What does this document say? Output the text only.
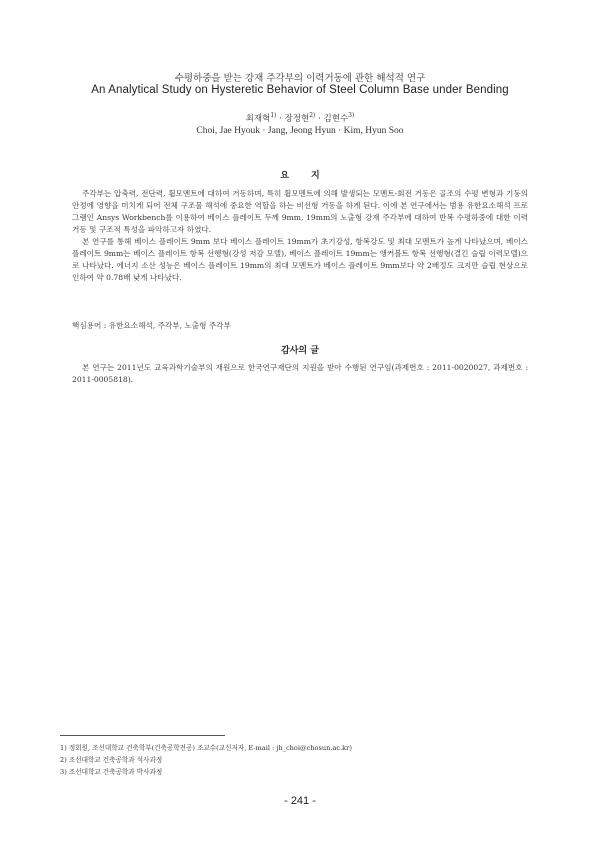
수평하중을 받는 강재 주각부의 이력거동에 관한 해석적 연구
An Analytical Study on Hysteretic Behavior of Steel Column Base under Bending
최재혁$^{1)}$ · 장정현$^{2)}$ · 김현수$^{3)}$
Choi, Jae Hyouk · Jang, Jeong Hyun · Kim, Hyun Soo
요지

주각부는 압축력, 전단력, 휨모멘트에 대하여 거동하며, 특히 휨모멘트에 의해 발생되는 모멘트-회전 거동은 골조의 수평 변형과 기둥의 안정에 영향을 미치게 되어 전체 구조물 해석에 중요한 역할을 하는 비선형 거동을 하게 된다. 이에 본 연구에서는 범용 유한요소해석 프로그램인 Ansys Workbench를 이용하여 베이스 플레이트 두께 9mm, 19mm의 노출형 강재 주각부에 대하여 반복 수평하중에 대한 이력거동 및 구조적 특성을 파악하고자 하였다.

본 연구를 통해 베이스 플레이트 9mm 보다 베이스 플레이트 19mm가 초기강성, 항복강도 및 최대 모멘트가 높게 나타났으며, 베이스 플레이트 9mm는 베이스 플레이트 항복 선행형(강성 저감 모델), 베이스 플레이트 19mm는 앵커볼트 항복 선행형(결긴 슬립 이력모델)으로 나타났다. 에너지 소산 성능은 베이스 플레이트 19mm의 최대 모멘트가 베이스 플레이트 9mm보다 약 2배정도 크지만 슬립 현상으로 인하여 약 0.78배 낮게 나타났다.

핵심용어 : 유한요소해석, 주각부, 노출형 주각부
감사의 글

본 연구는 2011년도 교육과학기술부의 재원으로 한국연구재단의 지원을 받아 수행된 연구임(과제번호 : 2011-0020027, 과제번호 : 2011-0005818).

1) 정회원, 조선대학교 건축학부(건축공학전공) 조교수(교신저자, E-mail : jh_choi@chosun.ac.kr)
2) 조선대학교 건축공학과 석사과정
3) 조선대학교 건축공학과 박사과정
- 241 -
